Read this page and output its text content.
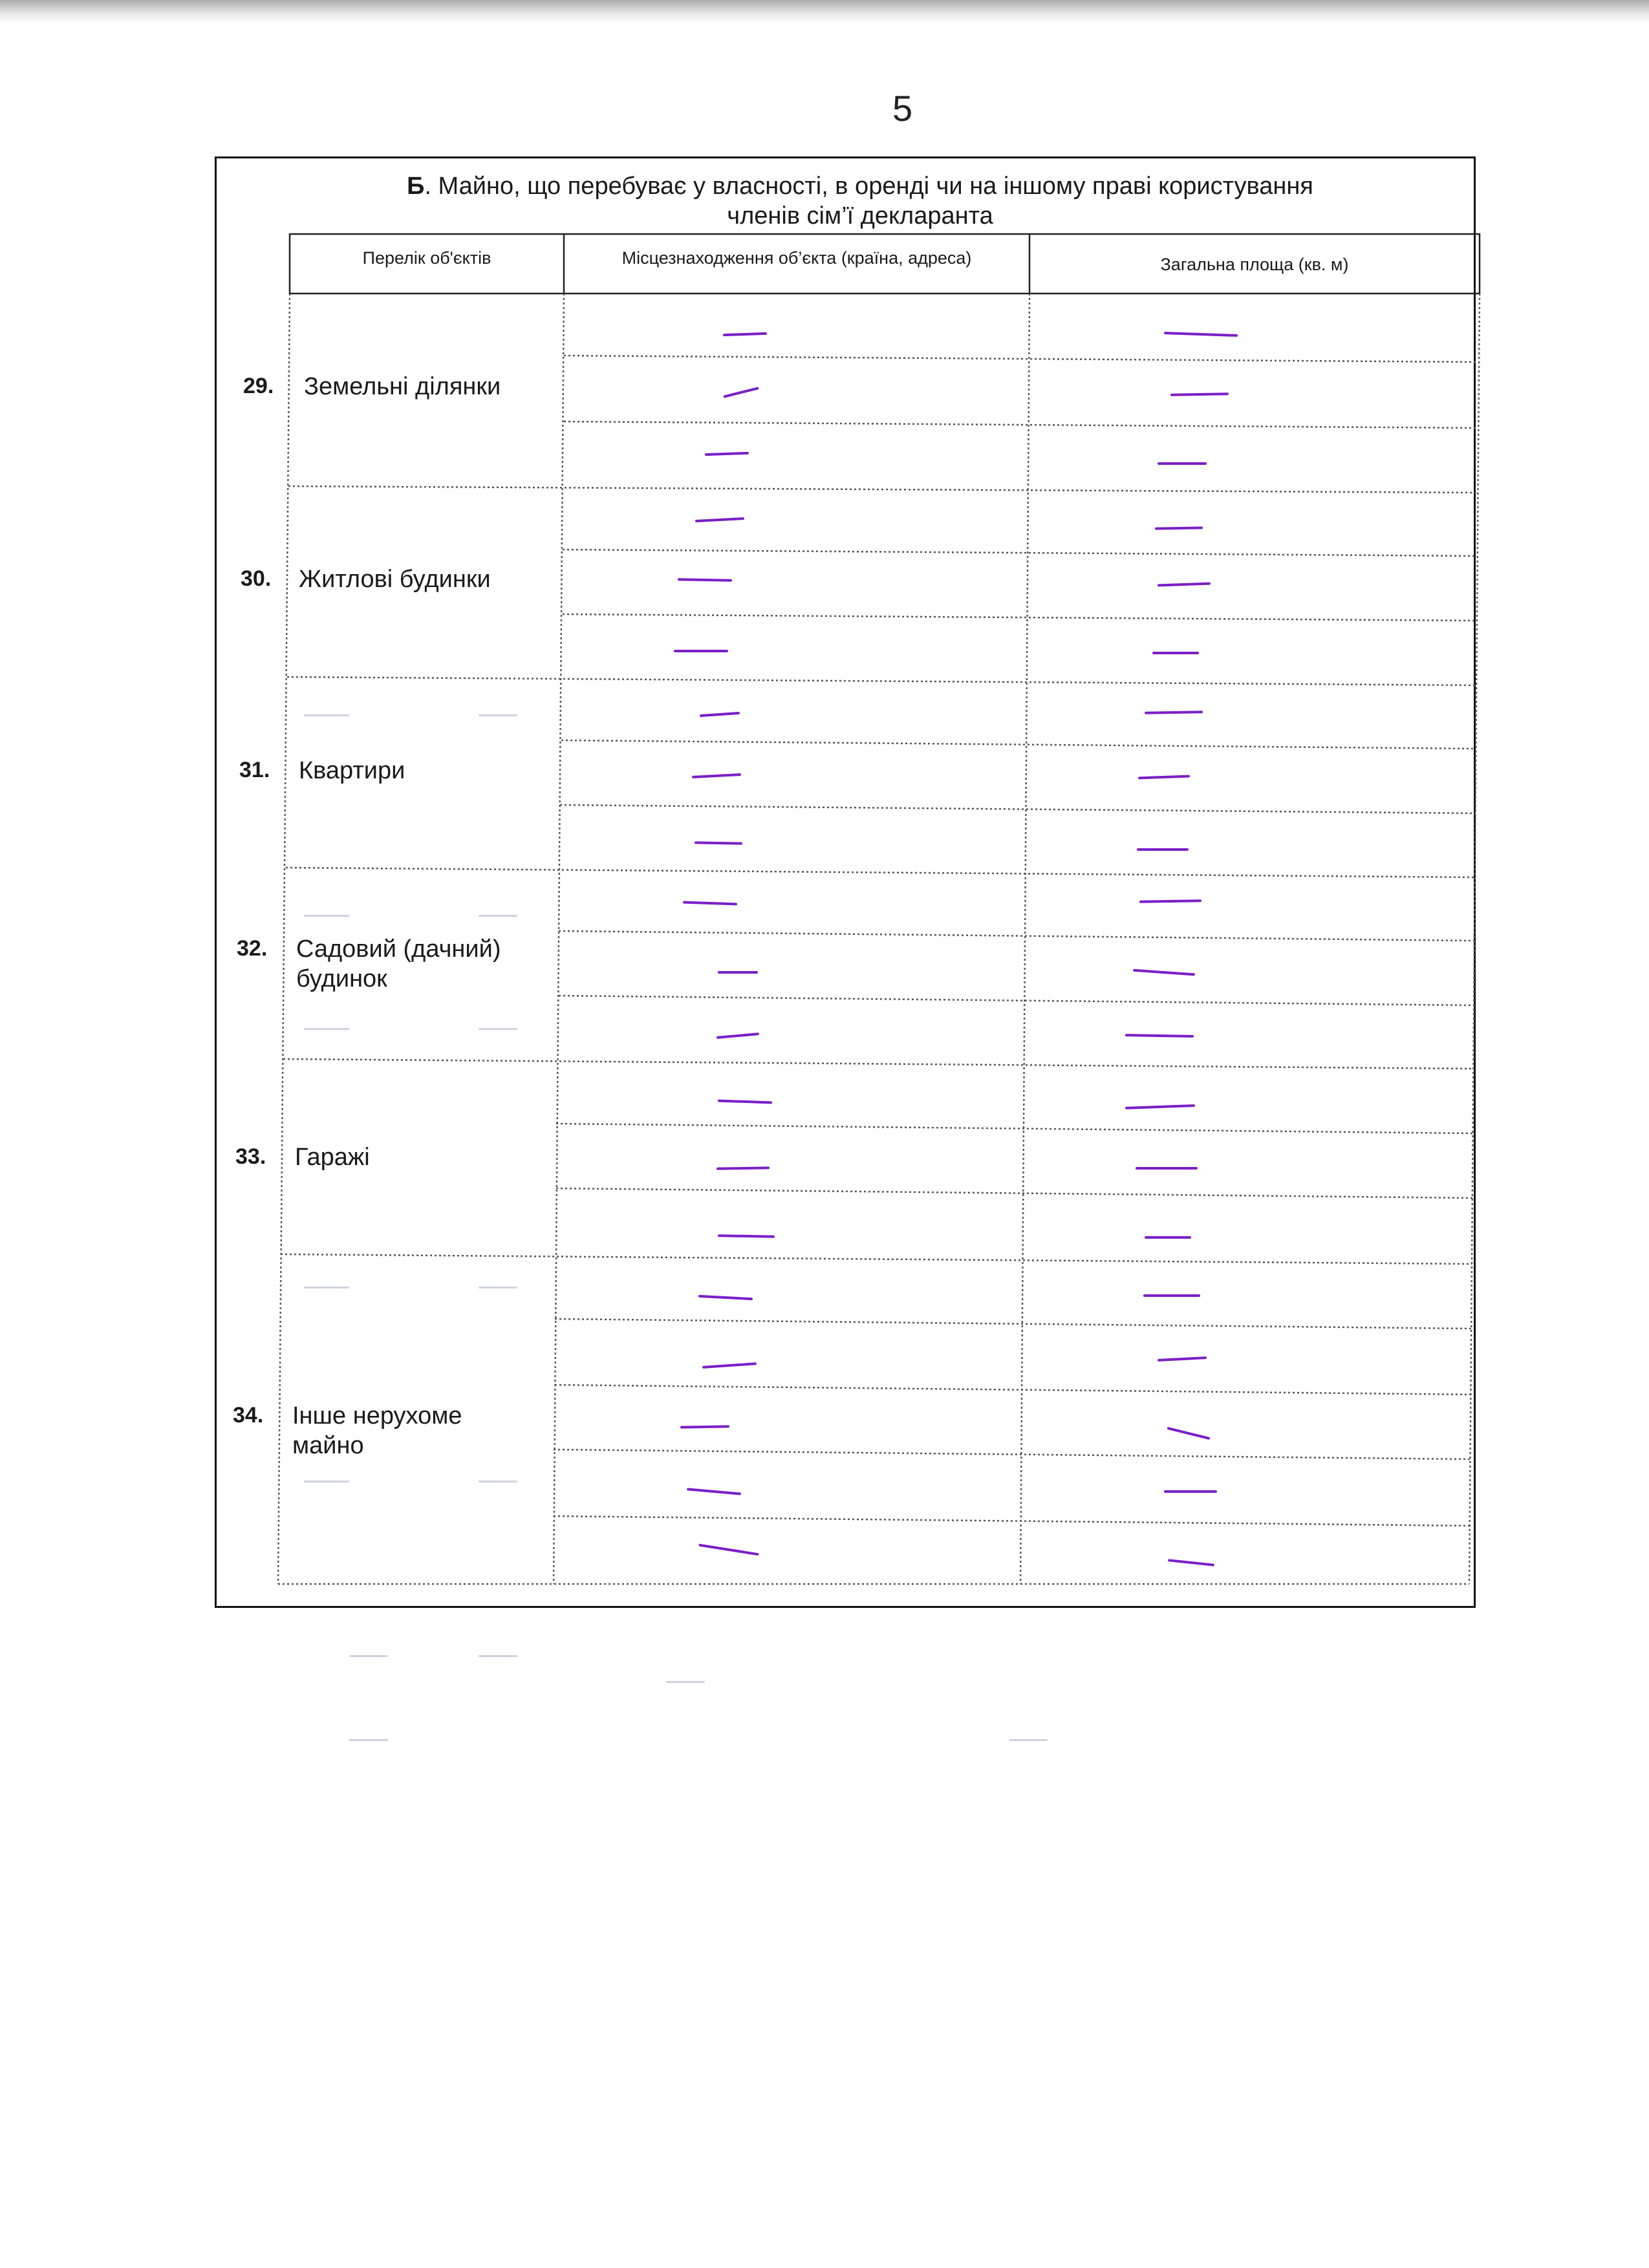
5
Б. Майно, що перебуває у власності, в оренді чи на іншому праві користування
членів сім’ї декларанта
Перелік об'єктів	Місцезнаходження об’єкта (країна, адреса)	Загальна площа (кв. м)
29. Земельні ділянки
30. Житлові будинки
31. Квартири
32. Садовий (дачний) будинок
33. Гаражі
34. Інше нерухоме майно
